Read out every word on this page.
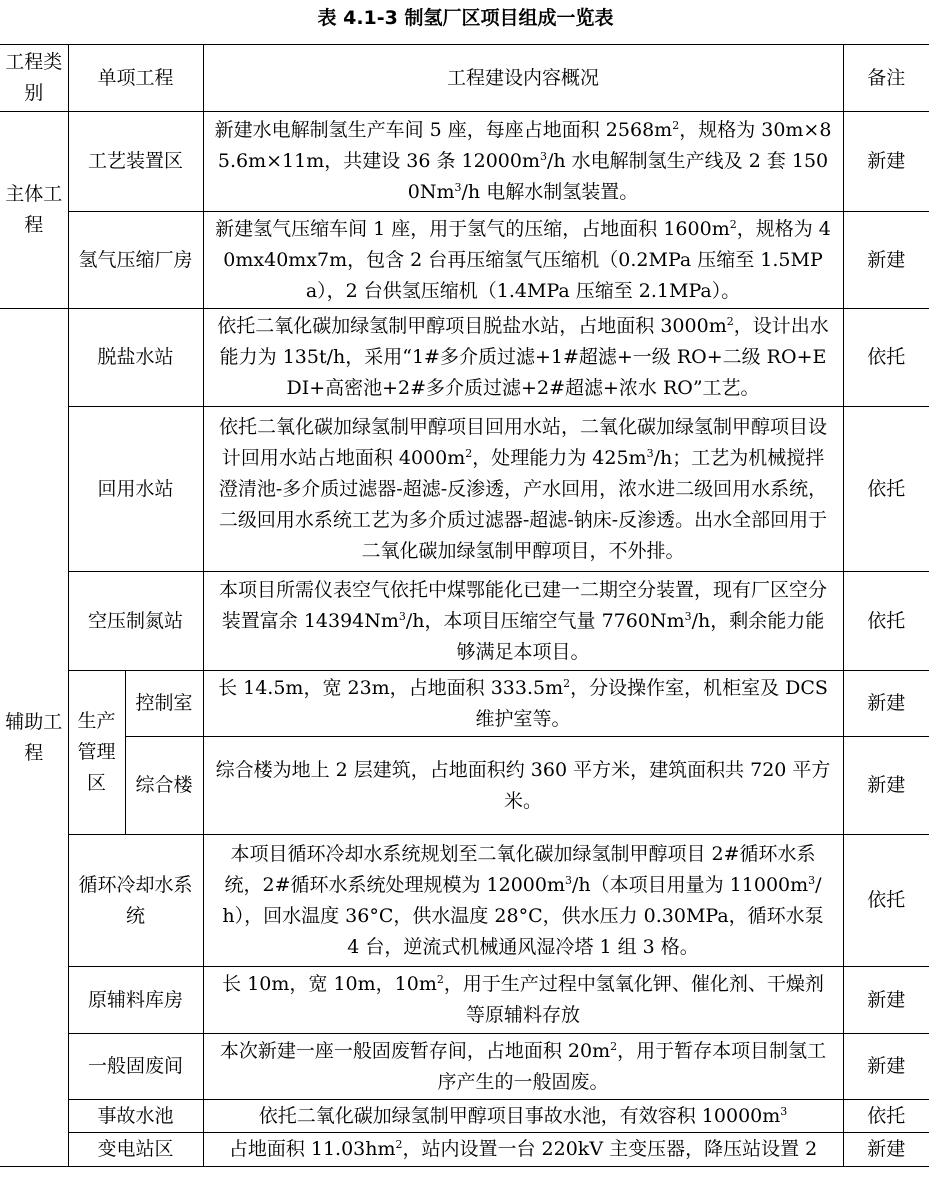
表 4.1-3 制氢厂区项目组成一览表
工程类别	单项工程		工程建设内容概况	备注
主体工程	工艺装置区		新建水电解制氢生产车间 5 座，每座占地面积 $2568m^2$，规格为 30m×85.6m×11m，共建设 36 条 $12000m^3/h$ 水电解制氢生产线及 2 套 1500Nm$^3$/h 电解水制氢装置。	新建
	氢气压缩厂房		新建氢气压缩车间 1 座，用于氢气的压缩，占地面积 $1600m^2$，规格为 40mx40mx7m，包含 2 台再压缩氢气压缩机（0.2MPa 压缩至 1.5MPa），2 台供氢压缩机（1.4MPa 压缩至 2.1MPa）。	新建
辅助工程	脱盐水站		依托二氧化碳加绿氢制甲醇项目脱盐水站，占地面积 $3000m^2$，设计出水能力为 135t/h，采用“1#多介质过滤+1#超滤+一级 RO+二级 RO+EDI+高密池+2#多介质过滤+2#超滤+浓水 RO”工艺。	依托
	回用水站		依托二氧化碳加绿氢制甲醇项目回用水站，二氧化碳加绿氢制甲醇项目设计回用水站占地面积 $4000m^2$，处理能力为 $425m^3/h$；工艺为机械搅拌澄清池-多介质过滤器-超滤-反渗透，产水回用，浓水进二级回用水系统，二级回用水系统工艺为多介质过滤器-超滤-钠床-反渗透。出水全部回用于二氧化碳加绿氢制甲醇项目，不外排。	依托
	空压制氮站		本项目所需仪表空气依托中煤鄂能化已建一二期空分装置，现有厂区空分装置富余 14394Nm$^3$/h，本项目压缩空气量 7760Nm$^3$/h，剩余能力能够满足本项目。	依托

	生产管理区	控制室	长 14.5m，宽 23m，占地面积 $333.5m^2$，分设操作室，机柜室及 DCS 维护室等。	新建
		综合楼	综合楼为地上 2 层建筑，占地面积约 360 平方米，建筑面积共 720 平方米。	新建
	循环冷却水系统		本项目循环冷却水系统规划至二氧化碳加绿氢制甲醇项目 2#循环水系统，2#循环水系统处理规模为 $12000m^3/h$（本项目用量为 $11000m^3/h$），回水温度 36°C，供水温度 28°C，供水压力 0.30MPa，循环水泵 4 台，逆流式机械通风湿冷塔 1 组 3 格。	依托
	原辅料库房		长 10m，宽 10m，$10m^2$，用于生产过程中氢氧化钾、催化剂、干燥剂等原辅料存放	新建
	一般固废间		本次新建一座一般固废暂存间，占地面积 $20m^2$，用于暂存本项目制氢工序产生的一般固废。	新建
	事故水池		依托二氧化碳加绿氢制甲醇项目事故水池，有效容积 $10000m^3$	依托
	变电站区		占地面积 $11.03hm^2$，站内设置一台 220kV 主变压器，降压站设置 2	新建
